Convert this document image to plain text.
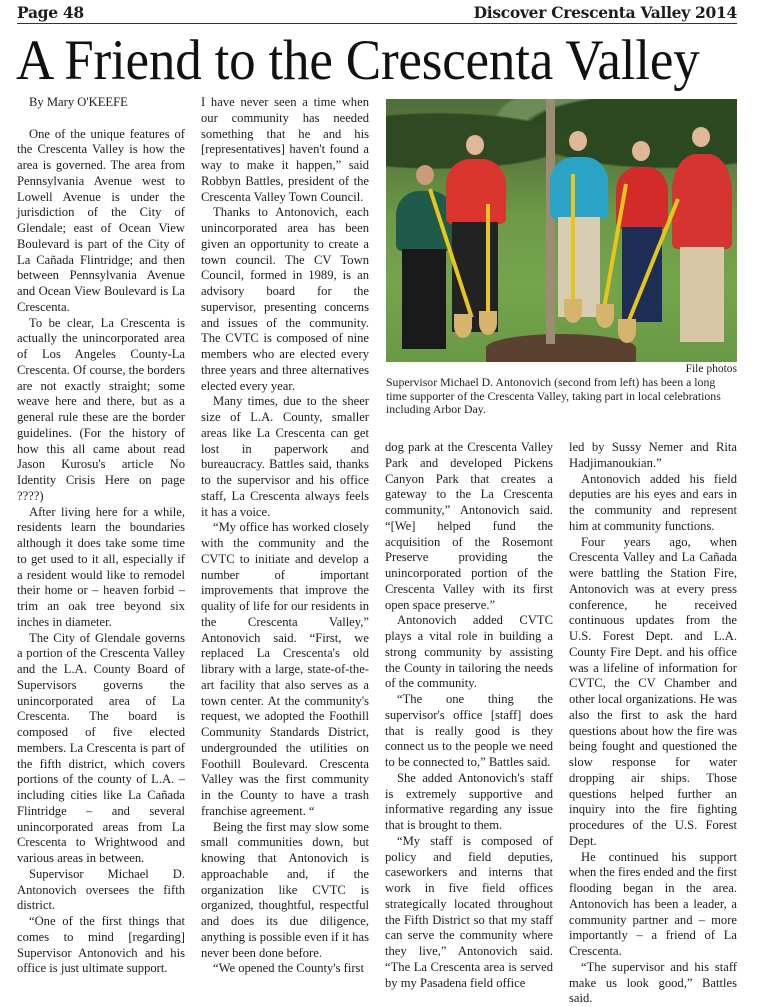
Page 48	Discover Crescenta Valley 2014
A Friend to the Crescenta Valley

By Mary O'KEEFE

One of the unique features of the Crescenta Valley is how the area is governed. The area from Pennsylvania Avenue west to Lowell Avenue is under the jurisdiction of the City of Glendale; east of Ocean View Boulevard is part of the City of La Cañada Flintridge; and then between Pennsylvania Avenue and Ocean View Boulevard is La Crescenta.

To be clear, La Crescenta is actually the unincorporated area of Los Angeles County-La Crescenta. Of course, the borders are not exactly straight; some weave here and there, but as a general rule these are the border guidelines. (For the history of how this all came about read Jason Kurosu's article No Identity Crisis Here on page ????)

After living here for a while, residents learn the boundaries although it does take some time to get used to it all, especially if a resident would like to remodel their home or – heaven forbid – trim an oak tree beyond six inches in diameter.

The City of Glendale governs a portion of the Crescenta Valley and the L.A. County Board of Supervisors governs the unincorporated area of La Crescenta. The board is composed of five elected members. La Crescenta is part of the fifth district, which covers portions of the county of L.A. – including cities like La Cañada Flintridge – and several unincorporated areas from La Crescenta to Wrightwood and various areas in between.

Supervisor Michael D. Antonovich oversees the fifth district.

“One of the first things that comes to mind [regarding] Supervisor Antonovich and his office is just ultimate support.

I have never seen a time when our community has needed something that he and his [representatives] haven't found a way to make it happen,” said Robbyn Battles, president of the Crescenta Valley Town Council.

Thanks to Antonovich, each unincorporated area has been given an opportunity to create a town council. The CV Town Council, formed in 1989, is an advisory board for the supervisor, presenting concerns and issues of the community. The CVTC is composed of nine members who are elected every three years and three alternatives elected every year.

Many times, due to the sheer size of L.A. County, smaller areas like La Crescenta can get lost in paperwork and bureaucracy. Battles said, thanks to the supervisor and his office staff, La Crescenta always feels it has a voice.

“My office has worked closely with the community and the CVTC to initiate and develop a number of important improvements that improve the quality of life for our residents in the Crescenta Valley,” Antonovich said. “First, we replaced La Crescenta's old library with a large, state-of-the-art facility that also serves as a town center. At the community's request, we adopted the Foothill Community Standards District, undergrounded the utilities on Foothill Boulevard. Crescenta Valley was the first community in the County to have a trash franchise agreement. “

Being the first may slow some small communities down, but knowing that Antonovich is approachable and, if the organization like CVTC is organized, thoughtful, respectful and does its due diligence, anything is possible even if it has never been done before.

“We opened the County's first

File photos
Supervisor Michael D. Antonovich (second from left) has been a long time supporter of the Crescenta Valley, taking part in local celebrations including Arbor Day.

dog park at the Crescenta Valley Park and developed Pickens Canyon Park that creates a gateway to the La Crescenta community,” Antonovich said. “[We] helped fund the acquisition of the Rosemont Preserve providing the unincorporated portion of the Crescenta Valley with its first open space preserve.”

Antonovich added CVTC plays a vital role in building a strong community by assisting the County in tailoring the needs of the community.

“The one thing the supervisor's office [staff] does that is really good is they connect us to the people we need to be connected to,” Battles said.

She added Antonovich's staff is extremely supportive and informative regarding any issue that is brought to them.

“My staff is composed of policy and field deputies, caseworkers and interns that work in five field offices strategically located throughout the Fifth District so that my staff can serve the community where they live,” Antonovich said. “The La Crescenta area is served by my Pasadena field office

led by Sussy Nemer and Rita Hadjimanoukian.”

Antonovich added his field deputies are his eyes and ears in the community and represent him at community functions.

Four years ago, when Crescenta Valley and La Cañada were battling the Station Fire, Antonovich was at every press conference, he received continuous updates from the U.S. Forest Dept. and L.A. County Fire Dept. and his office was a lifeline of information for CVTC, the CV Chamber and other local organizations. He was also the first to ask the hard questions about how the fire was being fought and questioned the slow response for water dropping air ships. Those questions helped further an inquiry into the fire fighting procedures of the U.S. Forest Dept.

He continued his support when the fires ended and the first flooding began in the area. Antonovich has been a leader, a community partner and – more importantly – a friend of La Crescenta.

“The supervisor and his staff make us look good,” Battles said.
